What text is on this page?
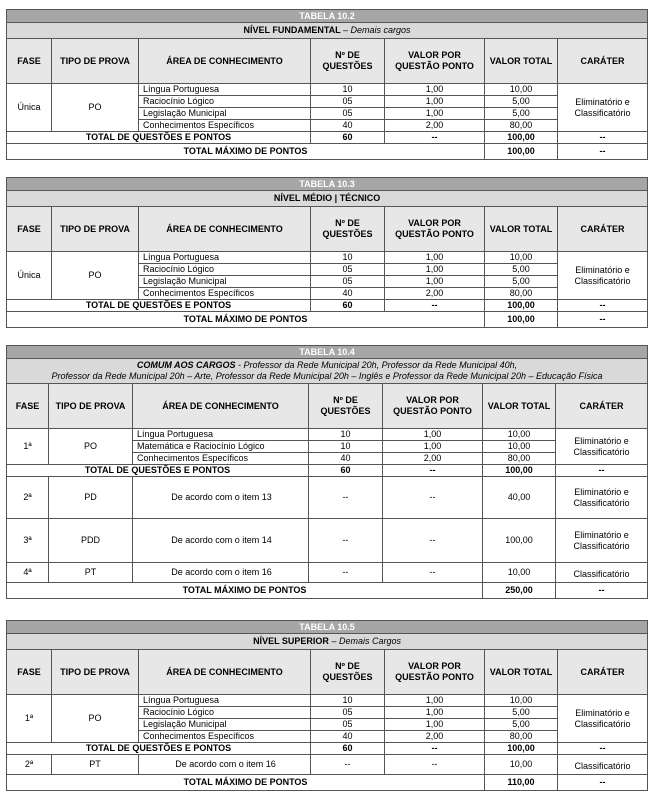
TABELA 10.2						
NÍVEL FUNDAMENTAL – Demais cargos						
FASE	TIPO DE PROVA	ÁREA DE CONHECIMENTO	Nº DE QUESTÕES	VALOR POR QUESTÃO PONTO	VALOR TOTAL	CARÁTER
Única	PO	Língua Portuguesa	10	1,00	10,00	Eliminatório e Classificatório
		Raciocínio Lógico	05	1,00	5,00	
		Legislação Municipal	05	1,00	5,00	
		Conhecimentos Específicos	40	2,00	80,00	
TOTAL DE QUESTÕES E PONTOS			60	--	100,00	--
TOTAL MÁXIMO DE PONTOS					100,00	--
TABELA 10.3						
NÍVEL MÉDIO | TÉCNICO						
FASE	TIPO DE PROVA	ÁREA DE CONHECIMENTO	Nº DE QUESTÕES	VALOR POR QUESTÃO PONTO	VALOR TOTAL	CARÁTER
Única	PO	Língua Portuguesa	10	1,00	10,00	Eliminatório e Classificatório
		Raciocínio Lógico	05	1,00	5,00	
		Legislação Municipal	05	1,00	5,00	
		Conhecimentos Específicos	40	2,00	80,00	
TOTAL DE QUESTÕES E PONTOS			60	--	100,00	--
TOTAL MÁXIMO DE PONTOS					100,00	--
TABELA 10.4						
COMUM AOS CARGOS - Professor da Rede Municipal 20h, Professor da Rede Municipal 40h,
Professor da Rede Municipal 20h – Arte, Professor da Rede Municipal 20h – Inglês e Professor da Rede Municipal 20h – Educação Física						
FASE	TIPO DE PROVA	ÁREA DE CONHECIMENTO	Nº DE QUESTÕES	VALOR POR QUESTÃO PONTO	VALOR TOTAL	CARÁTER
1ª	PO	Língua Portuguesa	10	1,00	10,00	Eliminatório e Classificatório
		Matemática e Raciocínio Lógico	10	1,00	10,00	
		Conhecimentos Específicos	40	2,00	80,00	
TOTAL DE QUESTÕES E PONTOS			60	--	100,00	--
2ª	PD	De acordo com o item 13	--	--	40,00	Eliminatório e Classificatório
3ª	PDD	De acordo com o item 14	--	--	100,00	Eliminatório e Classificatório
4ª	PT	De acordo com o item 16	--	--	10,00	Classificatório
TOTAL MÁXIMO DE PONTOS					250,00	--
TABELA 10.5						
NÍVEL SUPERIOR – Demais Cargos						
FASE	TIPO DE PROVA	ÁREA DE CONHECIMENTO	Nº DE QUESTÕES	VALOR POR QUESTÃO PONTO	VALOR TOTAL	CARÁTER
1ª	PO	Língua Portuguesa	10	1,00	10,00	Eliminatório e Classificatório
		Raciocínio Lógico	05	1,00	5,00	
		Legislação Municipal	05	1,00	5,00	
		Conhecimentos Específicos	40	2,00	80,00	
TOTAL DE QUESTÕES E PONTOS			60	--	100,00	--
2ª	PT	De acordo com o item 16	--	--	10,00	Classificatório
TOTAL MÁXIMO DE PONTOS					110,00	--
